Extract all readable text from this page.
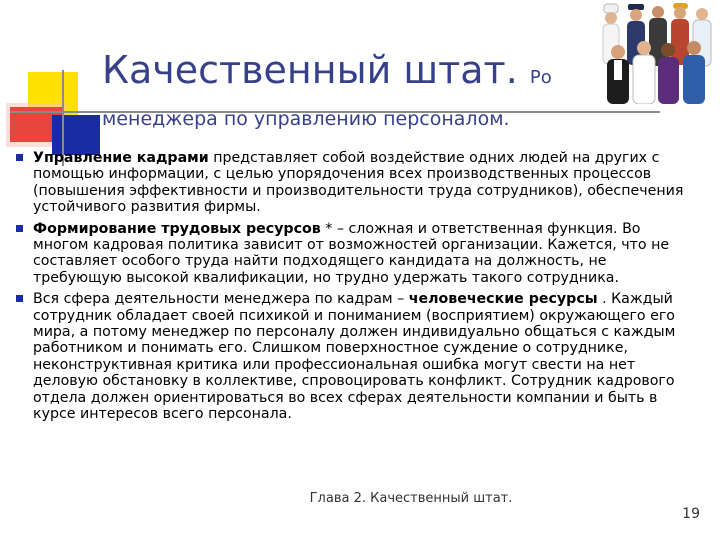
Качественный штат. Ро
менеджера по управлению персоналом.
Управление кадрами представляет собой воздействие одних людей на других с помощью информации, с целью упорядочения всех производственных процессов (повышения эффективности и производительности труда сотрудников), обеспечения устойчивого развития фирмы.
Формирование трудовых ресурсов * – сложная и ответственная функция. Во многом кадровая политика зависит от возможностей организации. Кажется, что не составляет особого труда найти подходящего кандидата на должность, не требующую высокой квалификации, но трудно удержать такого сотрудника.
Вся сфера деятельности менеджера по кадрам – человеческие ресурсы . Каждый сотрудник обладает своей психикой и пониманием (восприятием) окружающего его мира, а потому менеджер по персоналу должен индивидуально общаться с каждым работником и понимать его. Слишком поверхностное суждение о сотруднике, неконструктивная критика или профессиональная ошибка могут свести на нет деловую обстановку в коллективе, спровоцировать конфликт. Сотрудник кадрового отдела должен ориентироваться во всех сферах деятельности компании и быть в курсе интересов всего персонала.
Глава 2. Качественный штат.
19
